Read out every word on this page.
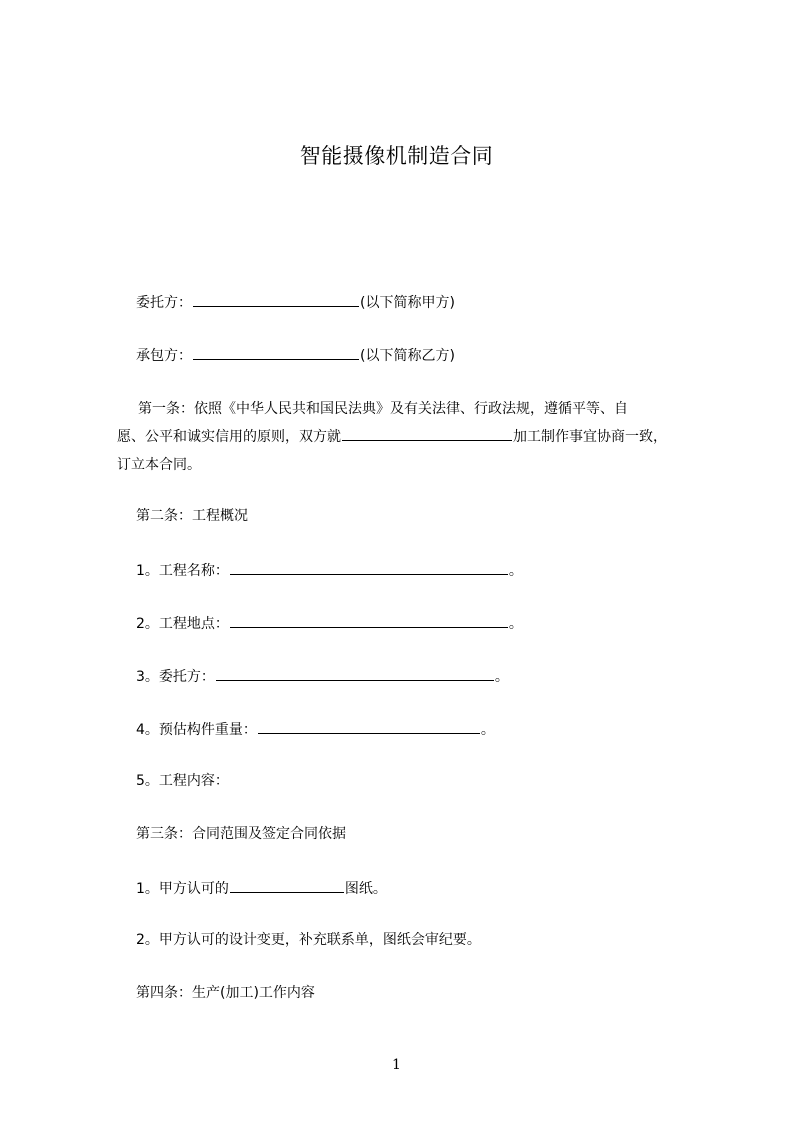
智能摄像机制造合同
委托方：	(以下简称甲方)
承包方：	(以下简称乙方)
第一条：依照《中华人民共和国民法典》及有关法律、行政法规，遵循平等、自
愿、公平和诚实信用的原则，双方就	加工制作事宜协商一致，
订立本合同。
第二条：工程概况
1。工程名称：	。
2。工程地点：	。
3。委托方：	。
4。预估构件重量：	。
5。工程内容：
第三条：合同范围及签定合同依据
1。甲方认可的	图纸。
2。甲方认可的设计变更，补充联系单，图纸会审纪要。
第四条：生产(加工)工作内容
1
